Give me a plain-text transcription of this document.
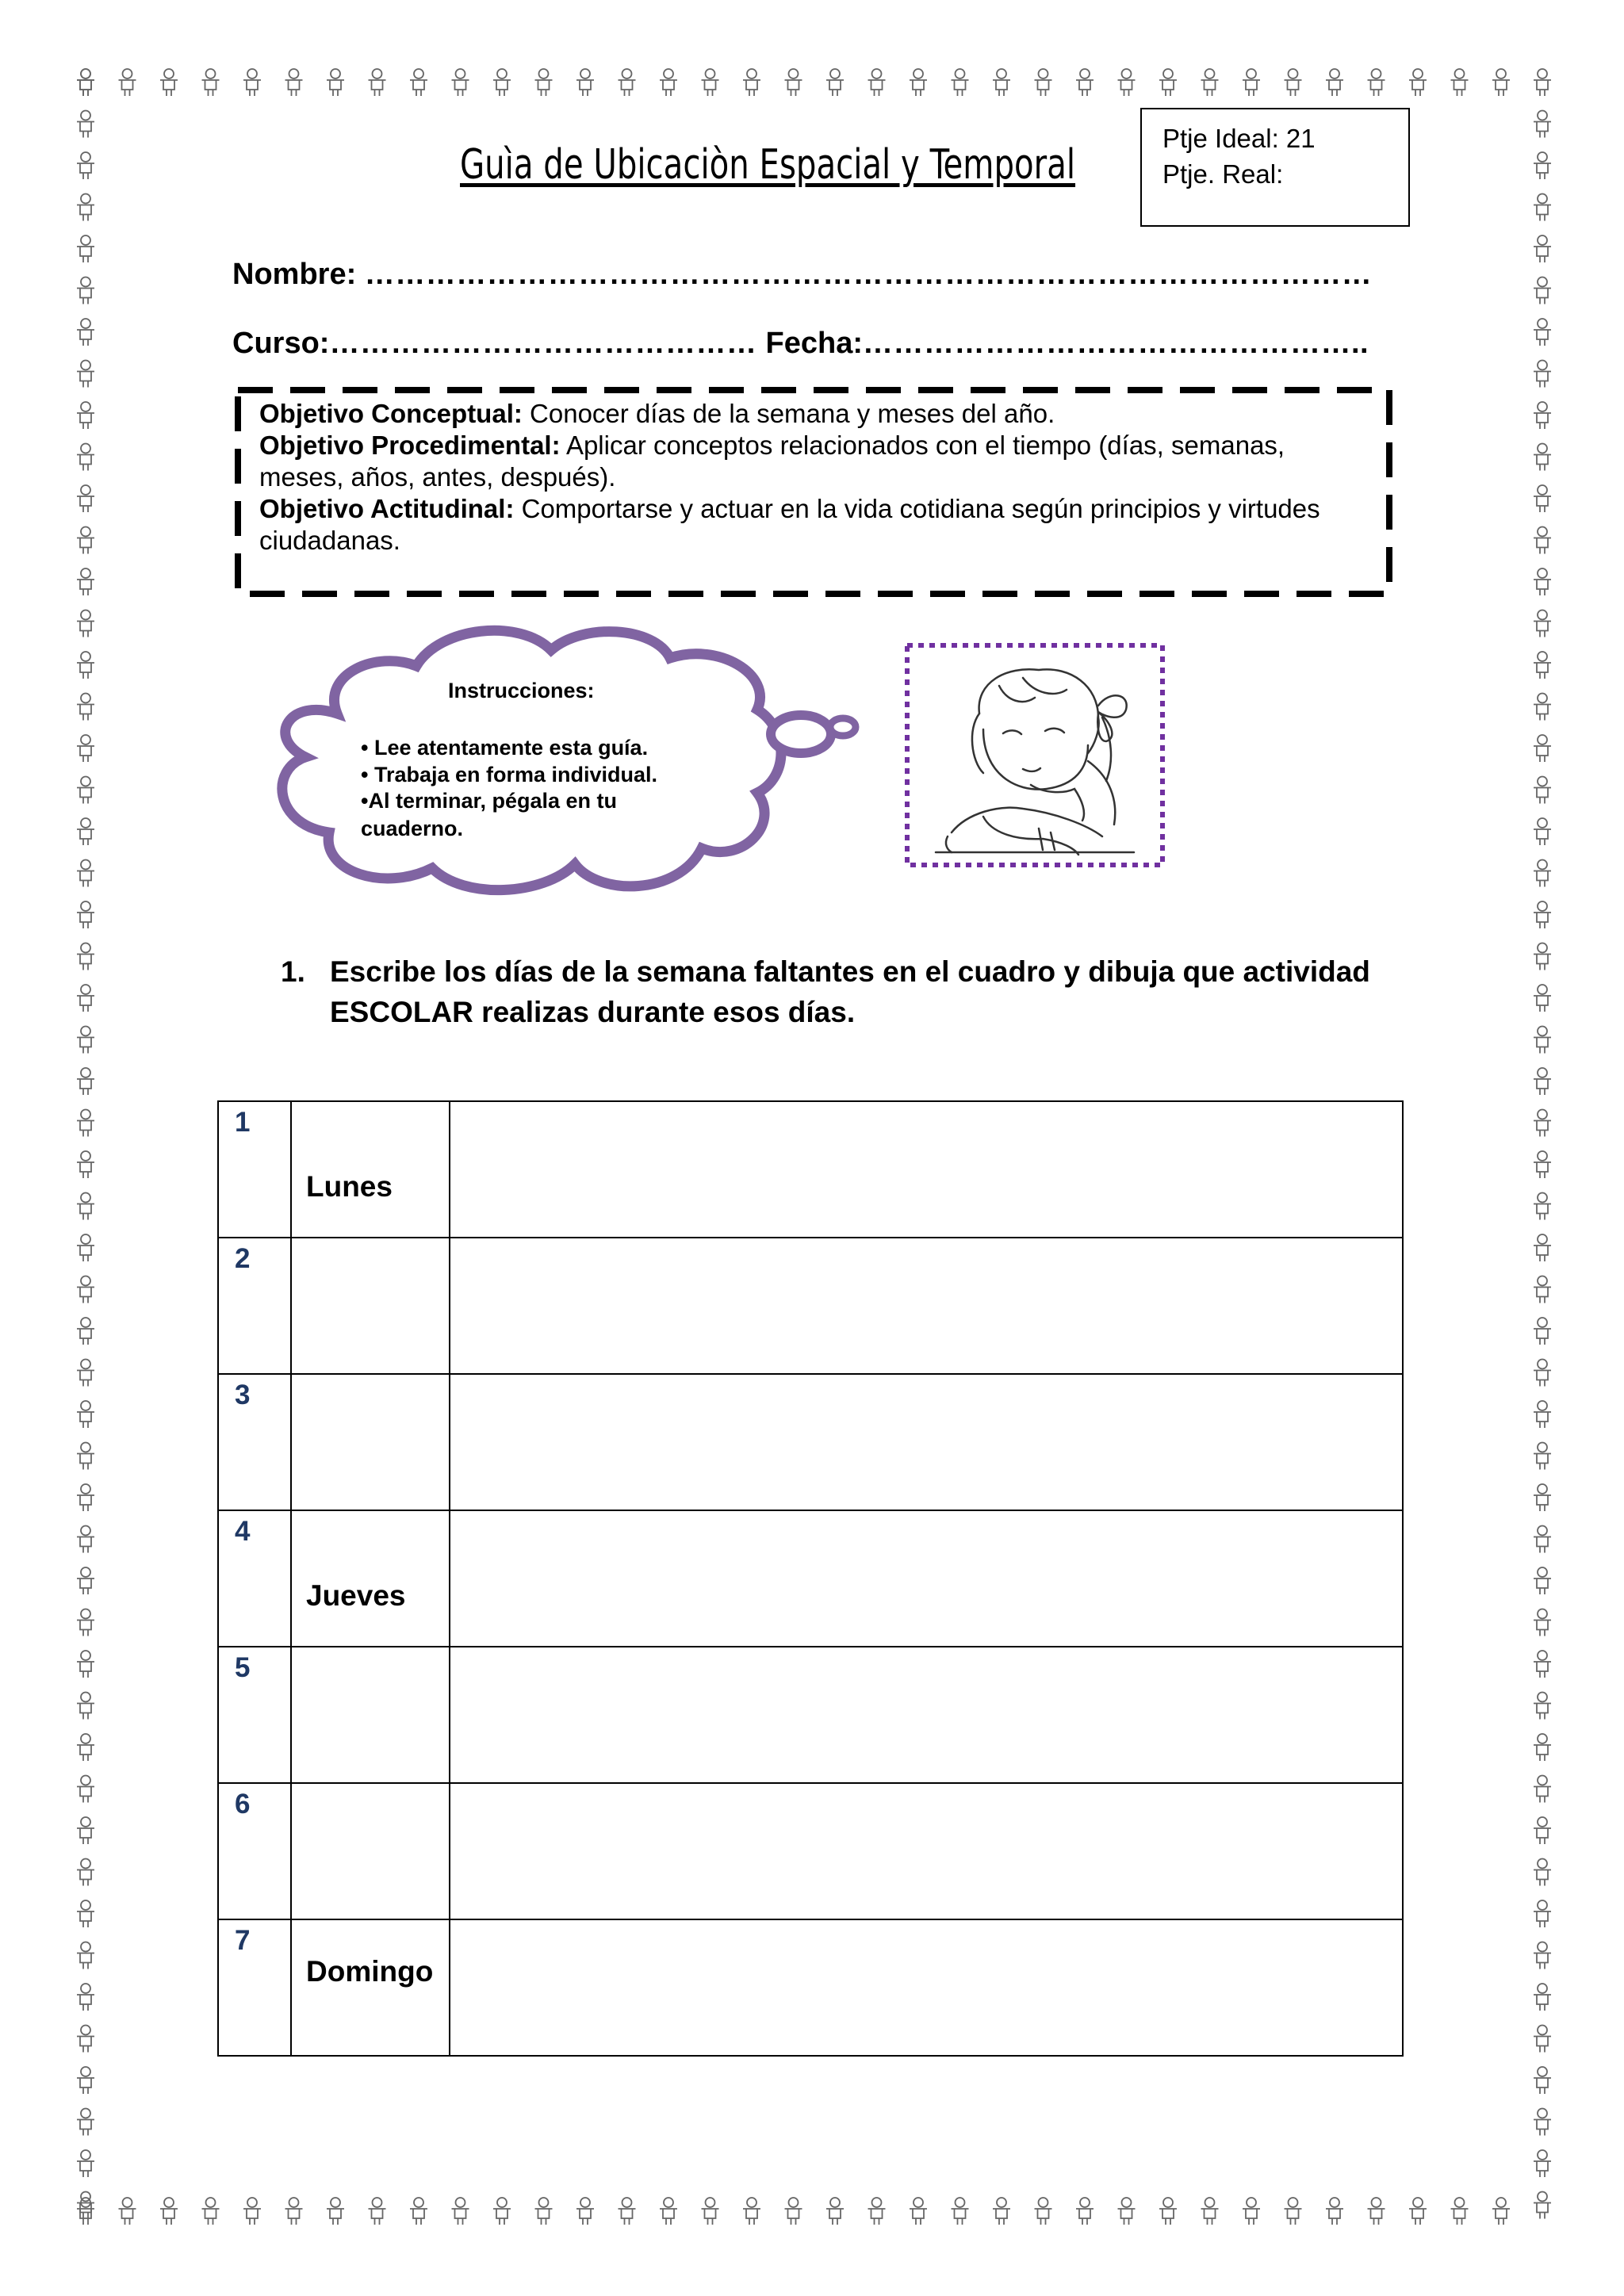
Guìa de Ubicaciòn Espacial y Temporal
Ptje Ideal: 21
Ptje. Real:
Nombre: ………………………………………………………………………………………
Curso:…………………………………… Fecha:…………………………………………..
Objetivo Conceptual: Conocer días de la semana y meses del año.
Objetivo Procedimental: Aplicar conceptos relacionados con el tiempo (días, semanas, meses, años, antes, después).
Objetivo Actitudinal: Comportarse y actuar en la vida cotidiana según principios y virtudes ciudadanas.
Instrucciones:
• Lee atentamente esta guía.
• Trabaja en forma individual.
•Al terminar, pégala en tu
cuaderno.
1. Escribe los días de la semana faltantes en el cuadro y dibuja que actividad ESCOLAR realizas durante esos días.
1	Lunes	

2	

3	

4	Jueves	

5	

6	

7	Domingo	
